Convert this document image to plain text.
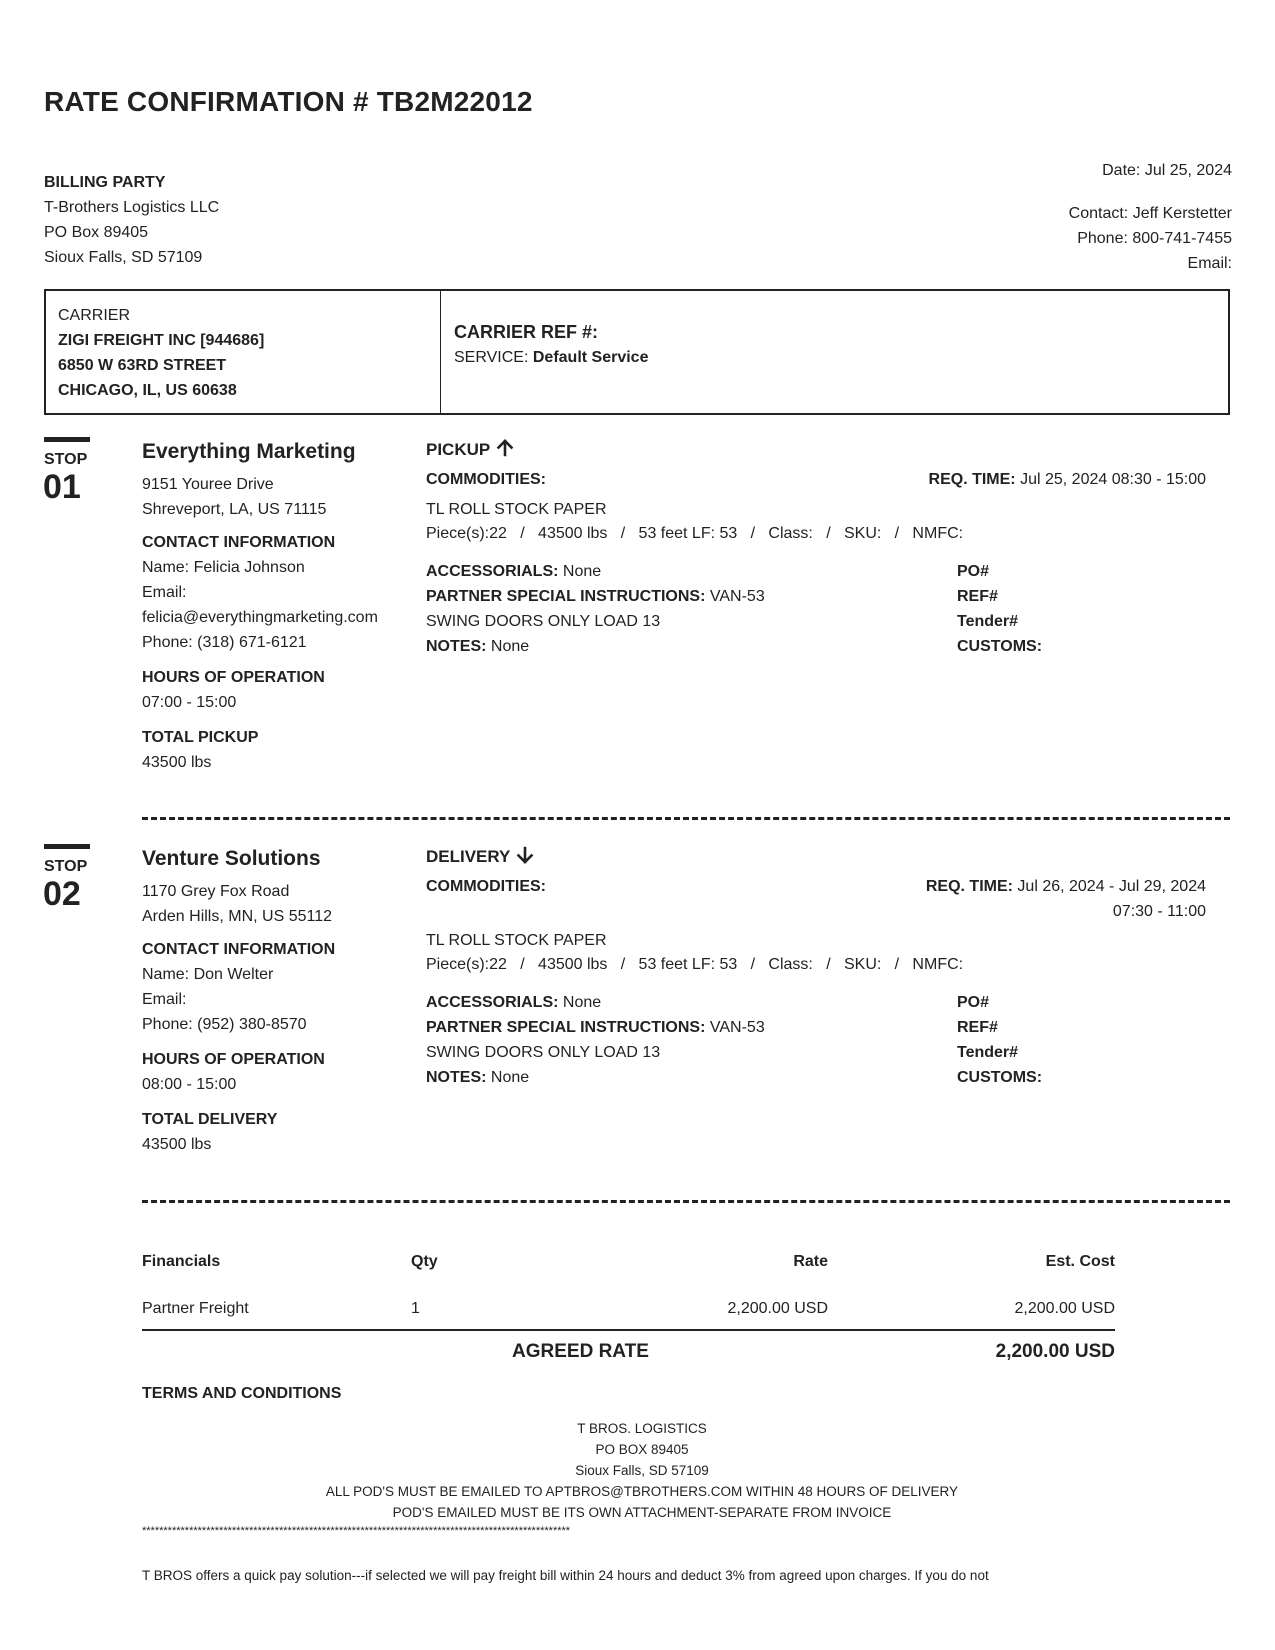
RATE CONFIRMATION # TB2M22012
BILLING PARTY
T-Brothers Logistics LLC
PO Box 89405
Sioux Falls, SD 57109
Date: Jul 25, 2024
Contact: Jeff Kerstetter
Phone: 800-741-7455
Email:
CARRIER
ZIGI FREIGHT INC [944686]
6850 W 63RD STREET
CHICAGO, IL, US 60638
CARRIER REF #:
SERVICE: Default Service
STOP
01
Everything Marketing
9151 Youree Drive
Shreveport, LA, US 71115
CONTACT INFORMATION
Name: Felicia Johnson
Email:
felicia@everythingmarketing.com
Phone: (318) 671-6121
HOURS OF OPERATION
07:00 - 15:00
TOTAL PICKUP
43500 lbs
PICKUP
COMMODITIES:	REQ. TIME: Jul 25, 2024 08:30 - 15:00
TL ROLL STOCK PAPER
Piece(s):22   /   43500 lbs   /   53 feet LF: 53   /   Class:   /   SKU:   /   NMFC:
ACCESSORIALS: None
PARTNER SPECIAL INSTRUCTIONS: VAN-53
SWING DOORS ONLY LOAD 13
NOTES: None
PO#
REF#
Tender#
CUSTOMS:
STOP
02
Venture Solutions
1170 Grey Fox Road
Arden Hills, MN, US 55112
CONTACT INFORMATION
Name: Don Welter
Email:
Phone: (952) 380-8570
HOURS OF OPERATION
08:00 - 15:00
TOTAL DELIVERY
43500 lbs
DELIVERY
COMMODITIES:	REQ. TIME: Jul 26, 2024 - Jul 29, 2024
07:30 - 11:00
TL ROLL STOCK PAPER
Piece(s):22   /   43500 lbs   /   53 feet LF: 53   /   Class:   /   SKU:   /   NMFC:
ACCESSORIALS: None
PARTNER SPECIAL INSTRUCTIONS: VAN-53
SWING DOORS ONLY LOAD 13
NOTES: None
PO#
REF#
Tender#
CUSTOMS:
Financials	Qty	Rate	Est. Cost
Partner Freight	1	2,200.00 USD	2,200.00 USD
AGREED RATE	2,200.00 USD
TERMS AND CONDITIONS
T BROS. LOGISTICS
PO BOX 89405
Sioux Falls, SD 57109
ALL POD'S MUST BE EMAILED TO APTBROS@TBROTHERS.COM WITHIN 48 HOURS OF DELIVERY
POD'S EMAILED MUST BE ITS OWN ATTACHMENT-SEPARATE FROM INVOICE
****************************************************************************************************
T BROS offers a quick pay solution---if selected we will pay freight bill within 24 hours and deduct 3% from agreed upon charges. If you do not
